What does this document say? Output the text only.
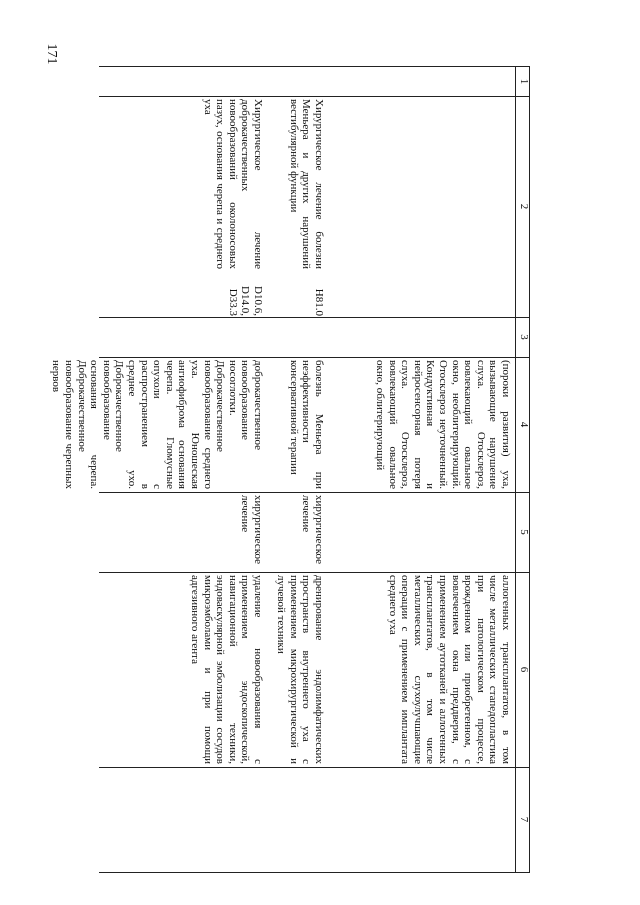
171
1
2
3
4
5
6
7
(пороки развития) уха, вызывающие нарушение слуха. Отосклероз, вовлекающий овальное окно, необлитерирующий. Отосклероз неуточненный. Кондуктивная и нейросенсорная потеря слуха. Отосклероз, вовлекающий овальное окно, облитерирующий
аллогенных трансплантатов, в том числе металлических стапедопластика при патологическом процессе, врожденном или приобретенном, с вовлечением окна преддверия, с применением аутотканей и аллогенных трансплантатов, в том числе металлических слухоулучшающие операции с применением имплантата среднего уха
Хирургическое лечение болезни Меньера и других нарушений вестибулярной функции
H81.0
болезнь Меньера при неэффективности консервативной терапии
хирургическое лечение
дренирование эндолимфатических пространств внутреннего уха с применением микрохирургической и лучевой техники
Хирургическое лечение доброкачественных новообразований околоносовых пазух, основания черепа и среднего уха
D10.6, D14.0, D33.3
доброкачественное новообразование носоглотки. Доброкачественное новообразование среднего уха. Юношеская ангиофиброма основания черепа. Гломусные опухоли с распространением в среднее ухо. Доброкачественное новообразование основания черепа. Доброкачественное новообразование черепных нервов
хирургическое лечение
удаление новообразования с применением эндоскопической, навигационной техники, эндоваскулярной эмболизации сосудов микроэмболами и при помощи адгезивного агента
